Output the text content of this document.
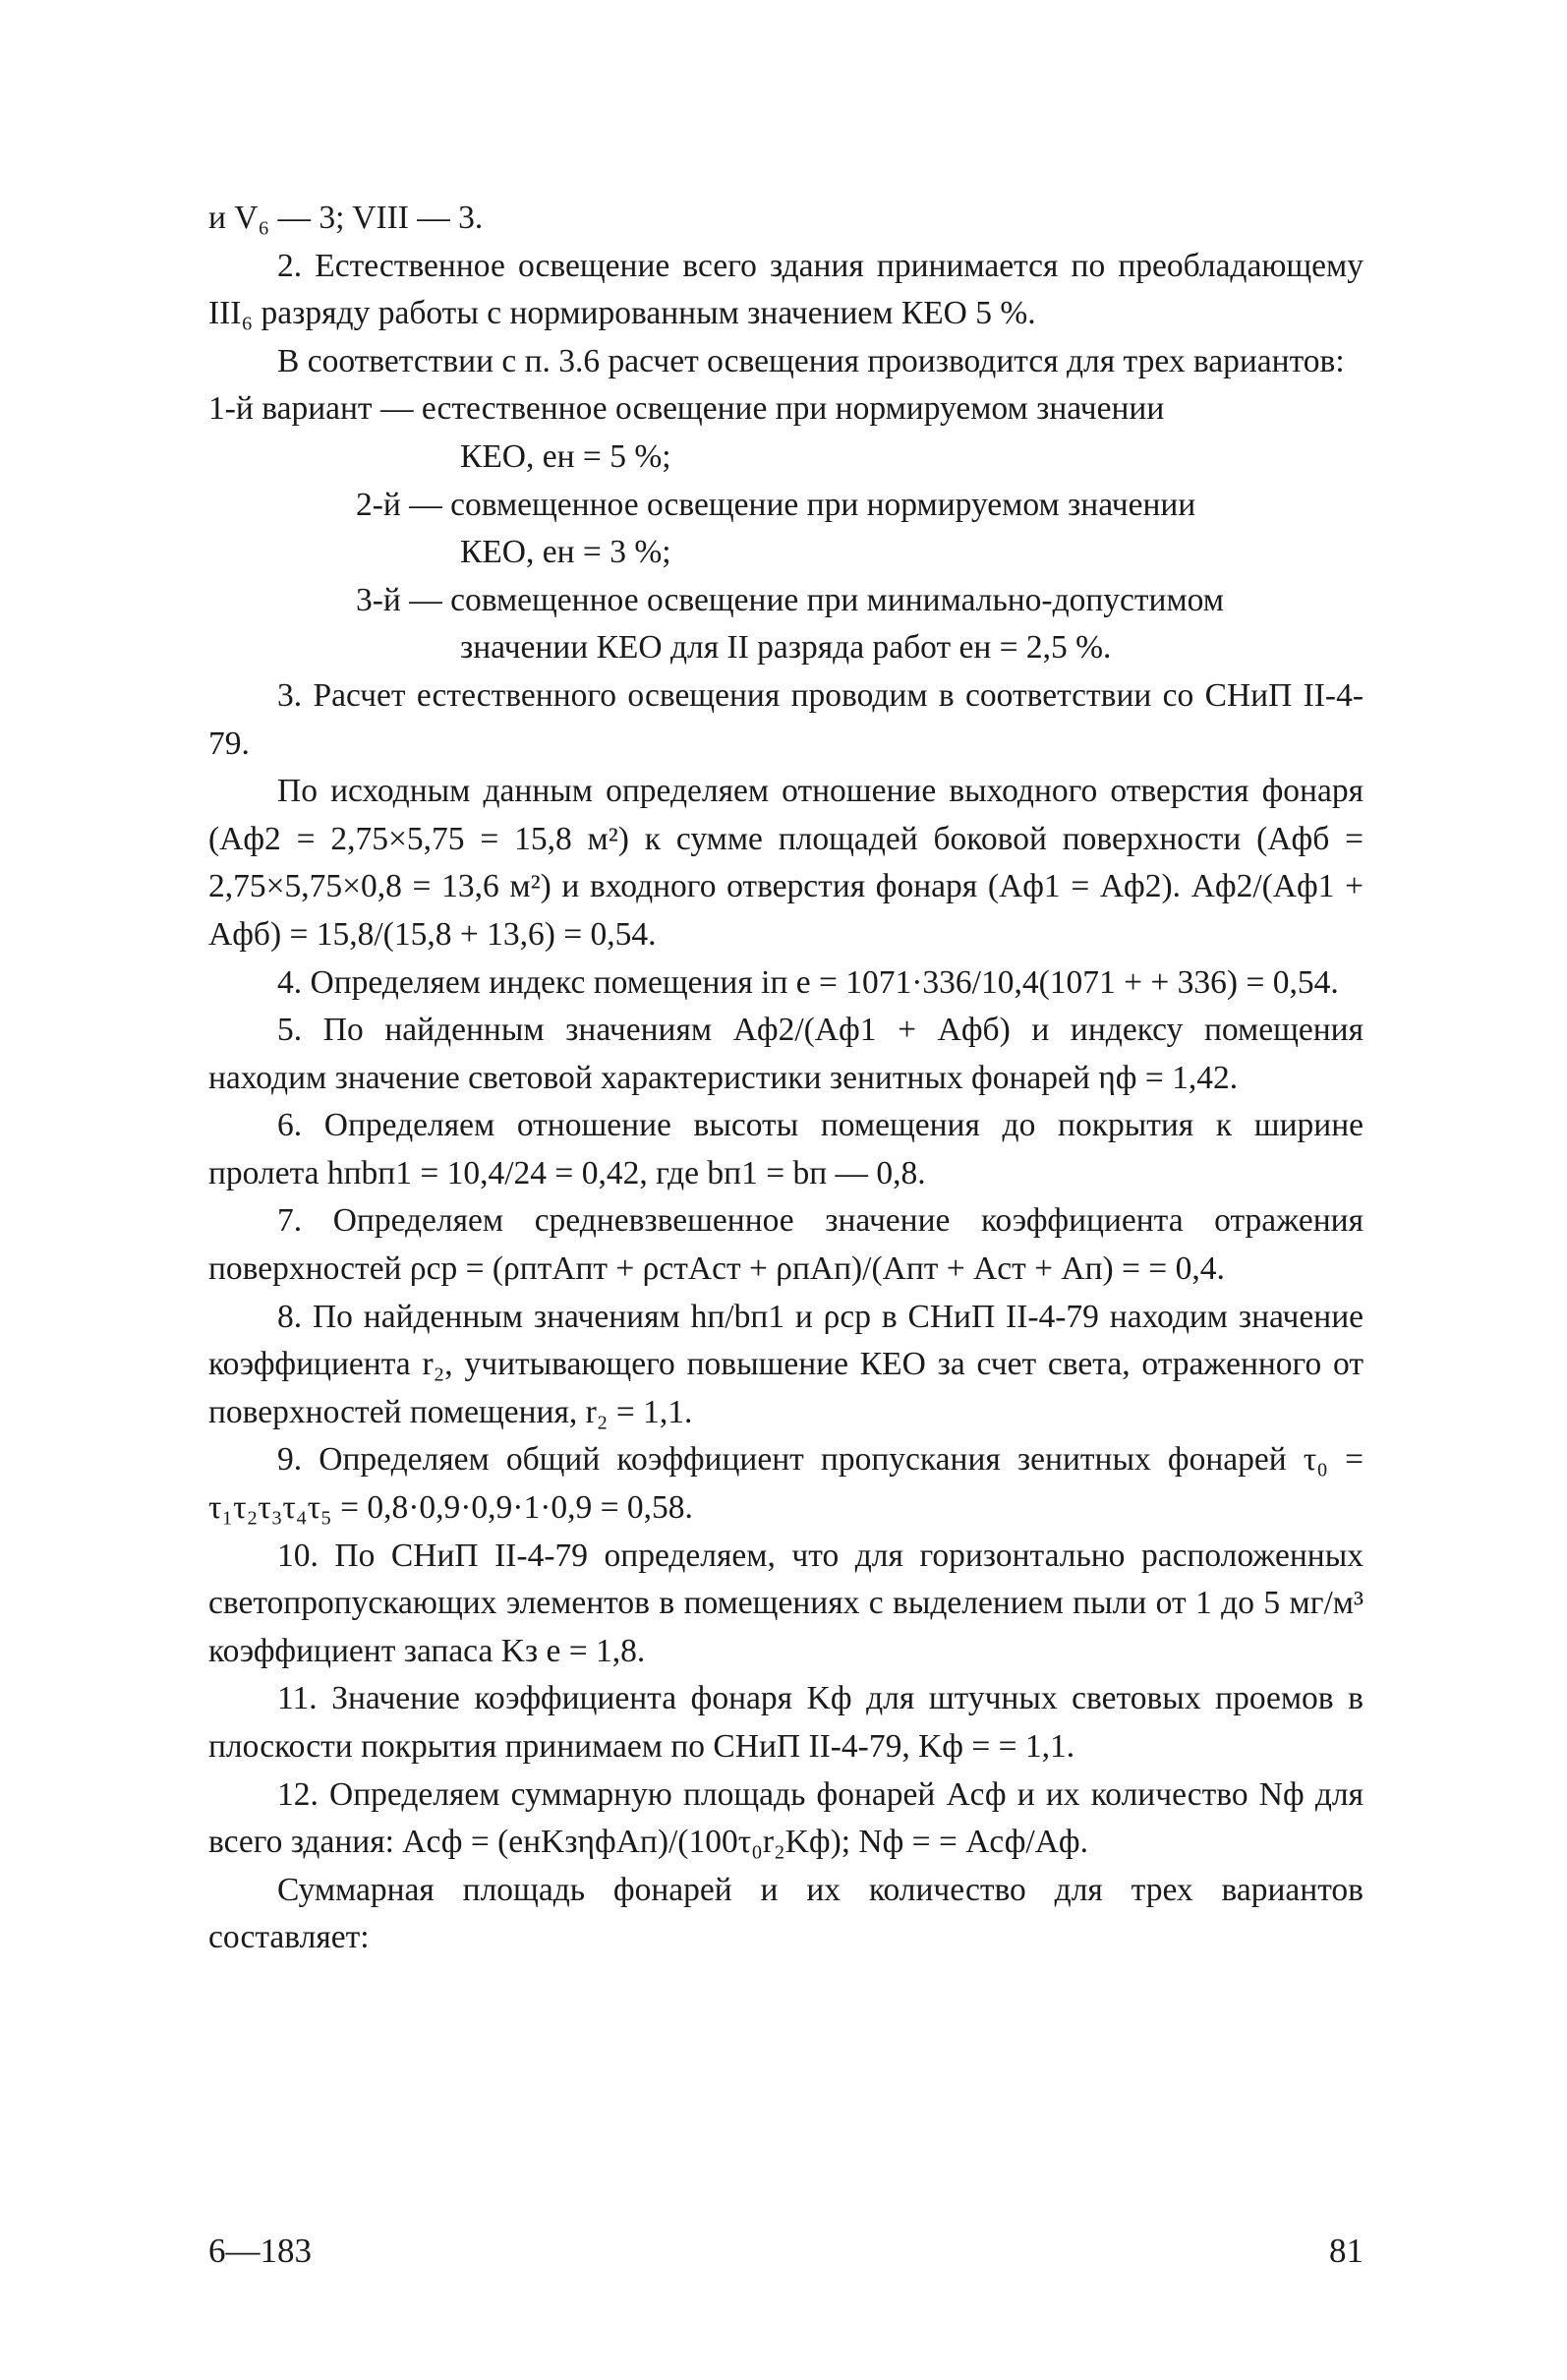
и V₆ — 3; VIII — 3.

2. Естественное освещение всего здания принимается по преобладающему III₆ разряду работы с нормированным значением КЕО 5 %.

В соответствии с п. 3.6 расчет освещения производится для трех вариантов:

1-й вариант — естественное освещение при нормируемом значении
КЕО, eн = 5 %;
2-й — совмещенное освещение при нормируемом значении
КЕО, eн = 3 %;
3-й — совмещенное освещение при минимально-допустимом
значении КЕО для II разряда работ eн = 2,5 %.

3. Расчет естественного освещения проводим в соответствии со СНиП II-4-79.

По исходным данным определяем отношение выходного отверстия фонаря (Aф2 = 2,75×5,75 = 15,8 м²) к сумме площадей боковой поверхности (Aфб = 2,75×5,75×0,8 = 13,6 м²) и входного отверстия фонаря (Aф1 = Aф2). Aф2/(Aф1 + Aфб) = 15,8/(15,8 + 13,6) = 0,54.

4. Определяем индекс помещения iп е = 1071·336/10,4(1071 + + 336) = 0,54.

5. По найденным значениям Aф2/(Aф1 + Aфб) и индексу помещения находим значение световой характеристики зенитных фонарей ηф = 1,42.

6. Определяем отношение высоты помещения до покрытия к ширине пролета hпbп1 = 10,4/24 = 0,42, где bп1 = bп — 0,8.

7. Определяем средневзвешенное значение коэффициента отражения поверхностей ρср = (ρптAпт + ρстAст + ρпAп)/(Aпт + Aст + Aп) = = 0,4.

8. По найденным значениям hп/bп1 и ρср в СНиП II-4-79 находим значение коэффициента r₂, учитывающего повышение КЕО за счет света, отраженного от поверхностей помещения, r₂ = 1,1.

9. Определяем общий коэффициент пропускания зенитных фонарей τ₀ = τ₁τ₂τ₃τ₄τ₅ = 0,8·0,9·0,9·1·0,9 = 0,58.

10. По СНиП II-4-79 определяем, что для горизонтально расположенных светопропускающих элементов в помещениях с выделением пыли от 1 до 5 мг/м³ коэффициент запаса Kз е = 1,8.

11. Значение коэффициента фонаря Kф для штучных световых проемов в плоскости покрытия принимаем по СНиП II-4-79, Kф = = 1,1.

12. Определяем суммарную площадь фонарей Aсф и их количество Nф для всего здания: Aсф = (eнKзηфAп)/(100τ₀r₂Kф); Nф = = Aсф/Aф.

Суммарная площадь фонарей и их количество для трех вариантов составляет:

6—183	81
